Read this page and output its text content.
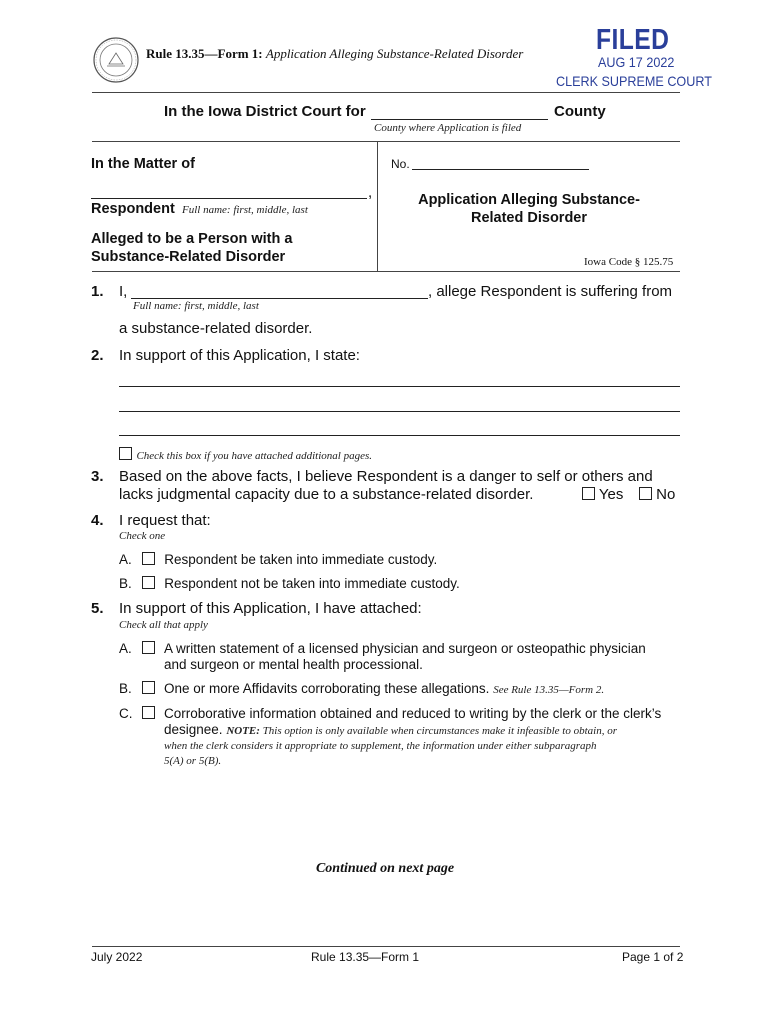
Rule 13.35—Form 1: Application Alleging Substance-Related Disorder	FILED
AUG 17 2022
CLERK SUPREME COURT
In the Iowa District Court for	County
County where Application is filed
In the Matter of
,
Respondent Full name: first, middle, last
Alleged to be a Person with a
Substance-Related Disorder
No.
Application Alleging Substance-
Related Disorder
Iowa Code § 125.75
1. I,	, allege Respondent is suffering from
Full name: first, middle, last
a substance-related disorder.
2. In support of this Application, I state:
Check this box if you have attached additional pages.
3. Based on the above facts, I believe Respondent is a danger to self or others and
lacks judgmental capacity due to a substance-related disorder.	Yes	No
4. I request that:
Check one
A. Respondent be taken into immediate custody.
B. Respondent not be taken into immediate custody.
5. In support of this Application, I have attached:
Check all that apply
A.	A written statement of a licensed physician and surgeon or osteopathic physician
and surgeon or mental health processional.
B.	One or more Affidavits corroborating these allegations. See Rule 13.35—Form 2.
C.	Corroborative information obtained and reduced to writing by the clerk or the clerk’s
designee. NOTE: This option is only available when circumstances make it infeasible to obtain, or
when the clerk considers it appropriate to supplement, the information under either subparagraph
5(A) or 5(B).
Continued on next page
July 2022	Rule 13.35—Form 1	Page 1 of 2
